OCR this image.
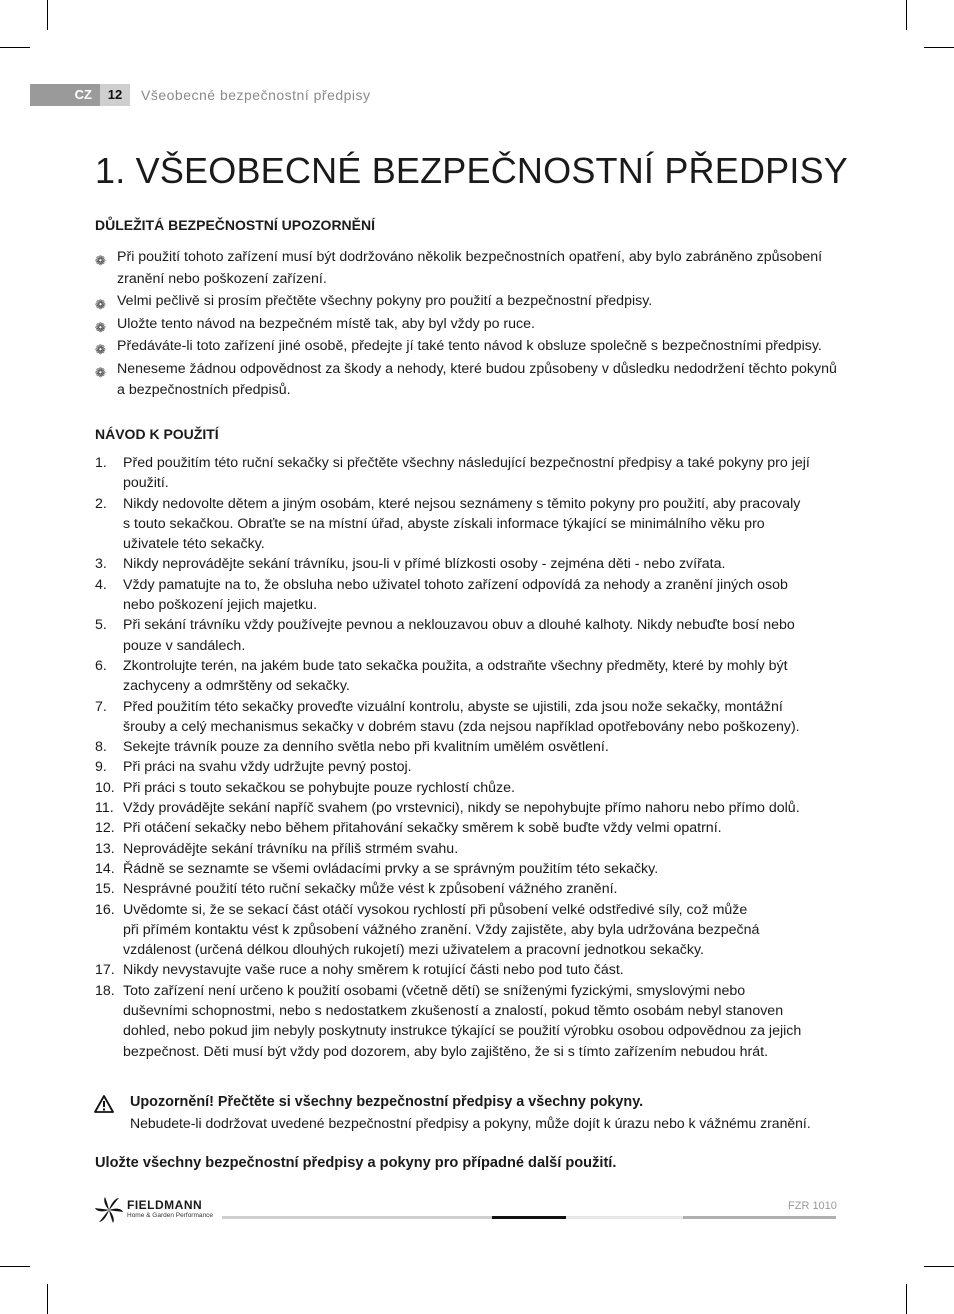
CZ	12	Všeobecné bezpečnostní předpisy
1. VŠEOBECNÉ BEZPEČNOSTNÍ PŘEDPISY
DŮLEŽITÁ BEZPEČNOSTNÍ UPOZORNĚNÍ
❁ Při použití tohoto zařízení musí být dodržováno několik bezpečnostních opatření, aby bylo zabráněno způsobení zranění nebo poškození zařízení.
❁ Velmi pečlivě si prosím přečtěte všechny pokyny pro použití a bezpečnostní předpisy.
❁ Uložte tento návod na bezpečném místě tak, aby byl vždy po ruce.
❁ Předáváte-li toto zařízení jiné osobě, předejte jí také tento návod k obsluze společně s bezpečnostními předpisy.
❁ Neneseme žádnou odpovědnost za škody a nehody, které budou způsobeny v důsledku nedodržení těchto pokynů a bezpečnostních předpisů.
NÁVOD K POUŽITÍ
1. Před použitím této ruční sekačky si přečtěte všechny následující bezpečnostní předpisy a také pokyny pro její
použití.
2. Nikdy nedovolte dětem a jiným osobám, které nejsou seznámeny s těmito pokyny pro použití, aby pracovaly
s touto sekačkou. Obraťte se na místní úřad, abyste získali informace týkající se minimálního věku pro
uživatele této sekačky.
3. Nikdy neprovádějte sekání trávníku, jsou-li v přímé blízkosti osoby - zejména děti - nebo zvířata.
4. Vždy pamatujte na to, že obsluha nebo uživatel tohoto zařízení odpovídá za nehody a zranění jiných osob
nebo poškození jejich majetku.
5. Při sekání trávníku vždy používejte pevnou a neklouzavou obuv a dlouhé kalhoty. Nikdy nebuďte bosí nebo
pouze v sandálech.
6. Zkontrolujte terén, na jakém bude tato sekačka použita, a odstraňte všechny předměty, které by mohly být
zachyceny a odmrštěny od sekačky.
7. Před použitím této sekačky proveďte vizuální kontrolu, abyste se ujistili, zda jsou nože sekačky, montážní
šrouby a celý mechanismus sekačky v dobrém stavu (zda nejsou například opotřebovány nebo poškozeny).
8. Sekejte trávník pouze za denního světla nebo při kvalitním umělém osvětlení.
9. Při práci na svahu vždy udržujte pevný postoj.
10. Při práci s touto sekačkou se pohybujte pouze rychlostí chůze.
11. Vždy provádějte sekání napříč svahem (po vrstevnici), nikdy se nepohybujte přímo nahoru nebo přímo dolů.
12. Při otáčení sekačky nebo během přitahování sekačky směrem k sobě buďte vždy velmi opatrní.
13. Neprovádějte sekání trávníku na příliš strmém svahu.
14. Řádně se seznamte se všemi ovládacími prvky a se správným použitím této sekačky.
15. Nesprávné použití této ruční sekačky může vést k způsobení vážného zranění.
16. Uvědomte si, že se sekací část otáčí vysokou rychlostí při působení velké odstředivé síly, což může
při přímém kontaktu vést k způsobení vážného zranění. Vždy zajistěte, aby byla udržována bezpečná
vzdálenost (určená délkou dlouhých rukojetí) mezi uživatelem a pracovní jednotkou sekačky.
17. Nikdy nevystavujte vaše ruce a nohy směrem k rotující části nebo pod tuto část.
18. Toto zařízení není určeno k použití osobami (včetně dětí) se sníženými fyzickými, smyslovými nebo
duševními schopnostmi, nebo s nedostatkem zkušeností a znalostí, pokud těmto osobám nebyl stanoven
dohled, nebo pokud jim nebyly poskytnuty instrukce týkající se použití výrobku osobou odpovědnou za jejich
bezpečnost. Děti musí být vždy pod dozorem, aby bylo zajištěno, že si s tímto zařízením nebudou hrát.
Upozornění! Přečtěte si všechny bezpečnostní předpisy a všechny pokyny.
Nebudete-li dodržovat uvedené bezpečnostní předpisy a pokyny, může dojít k úrazu nebo k vážnému zranění.
Uložte všechny bezpečnostní předpisy a pokyny pro případné další použití.
FIELDMANN
Home & Garden Performance
FZR 1010
